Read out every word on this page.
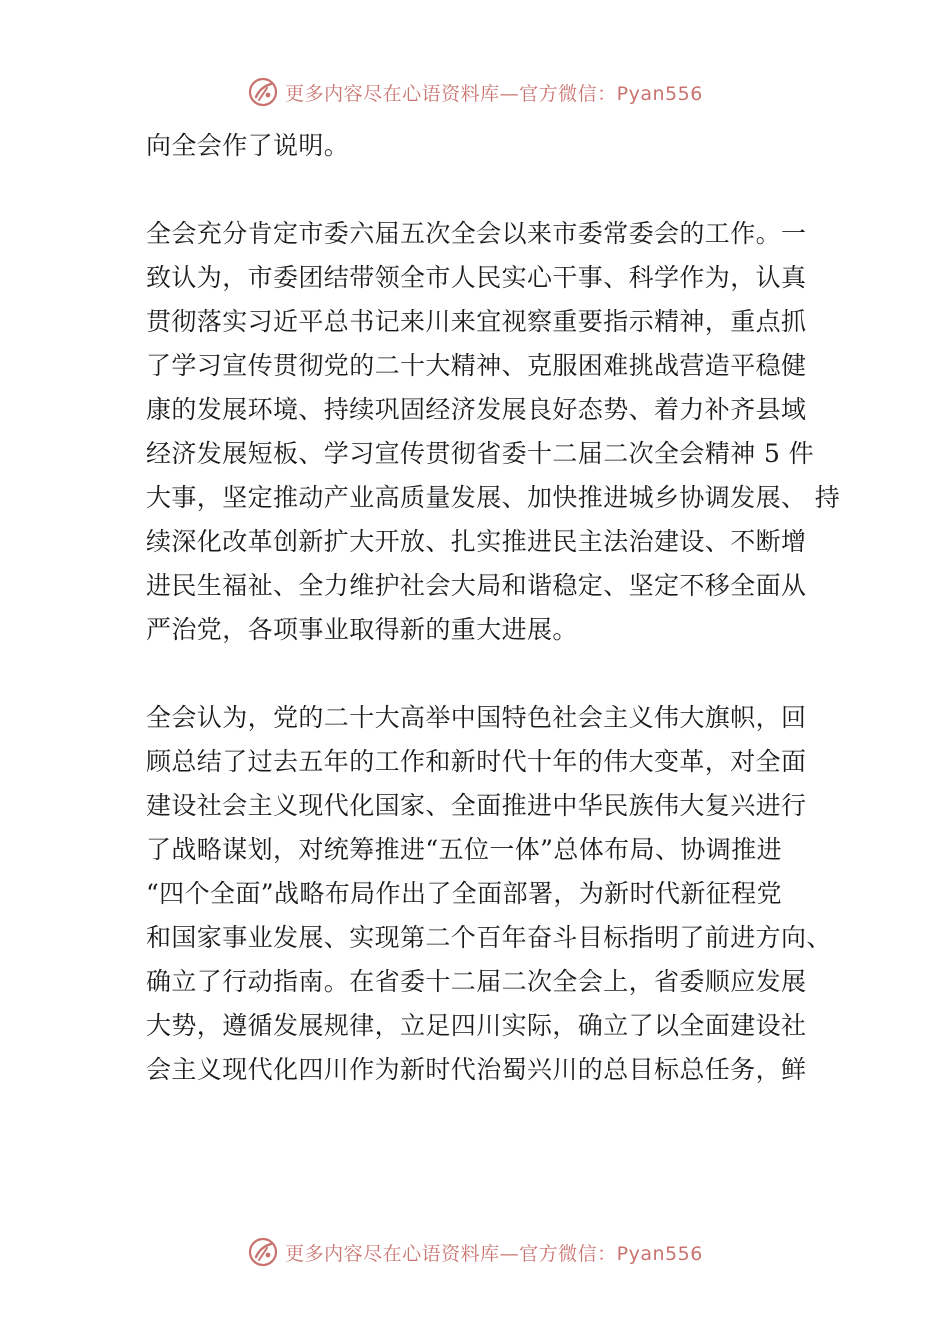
更多内容尽在心语资料库—官方微信：Pyan556
向全会作了说明。
全会充分肯定市委六届五次全会以来市委常委会的工作。一
致认为，市委团结带领全市人民实心干事、科学作为，认真
贯彻落实习近平总书记来川来宜视察重要指示精神，重点抓
了学习宣传贯彻党的二十大精神、克服困难挑战营造平稳健
康的发展环境、持续巩固经济发展良好态势、着力补齐县域
经济发展短板、学习宣传贯彻省委十二届二次全会精神 5 件
大事，坚定推动产业高质量发展、加快推进城乡协调发展、 持
续深化改革创新扩大开放、扎实推进民主法治建设、不断增
进民生福祉、全力维护社会大局和谐稳定、坚定不移全面从
严治党，各项事业取得新的重大进展。
全会认为，党的二十大高举中国特色社会主义伟大旗帜，回
顾总结了过去五年的工作和新时代十年的伟大变革，对全面
建设社会主义现代化国家、全面推进中华民族伟大复兴进行
了战略谋划，对统筹推进“五位一体”总体布局、协调推进
“四个全面”战略布局作出了全面部署，为新时代新征程党
和国家事业发展、实现第二个百年奋斗目标指明了前进方向、
确立了行动指南。在省委十二届二次全会上，省委顺应发展
大势，遵循发展规律，立足四川实际，确立了以全面建设社
会主义现代化四川作为新时代治蜀兴川的总目标总任务，鲜
更多内容尽在心语资料库—官方微信：Pyan556
